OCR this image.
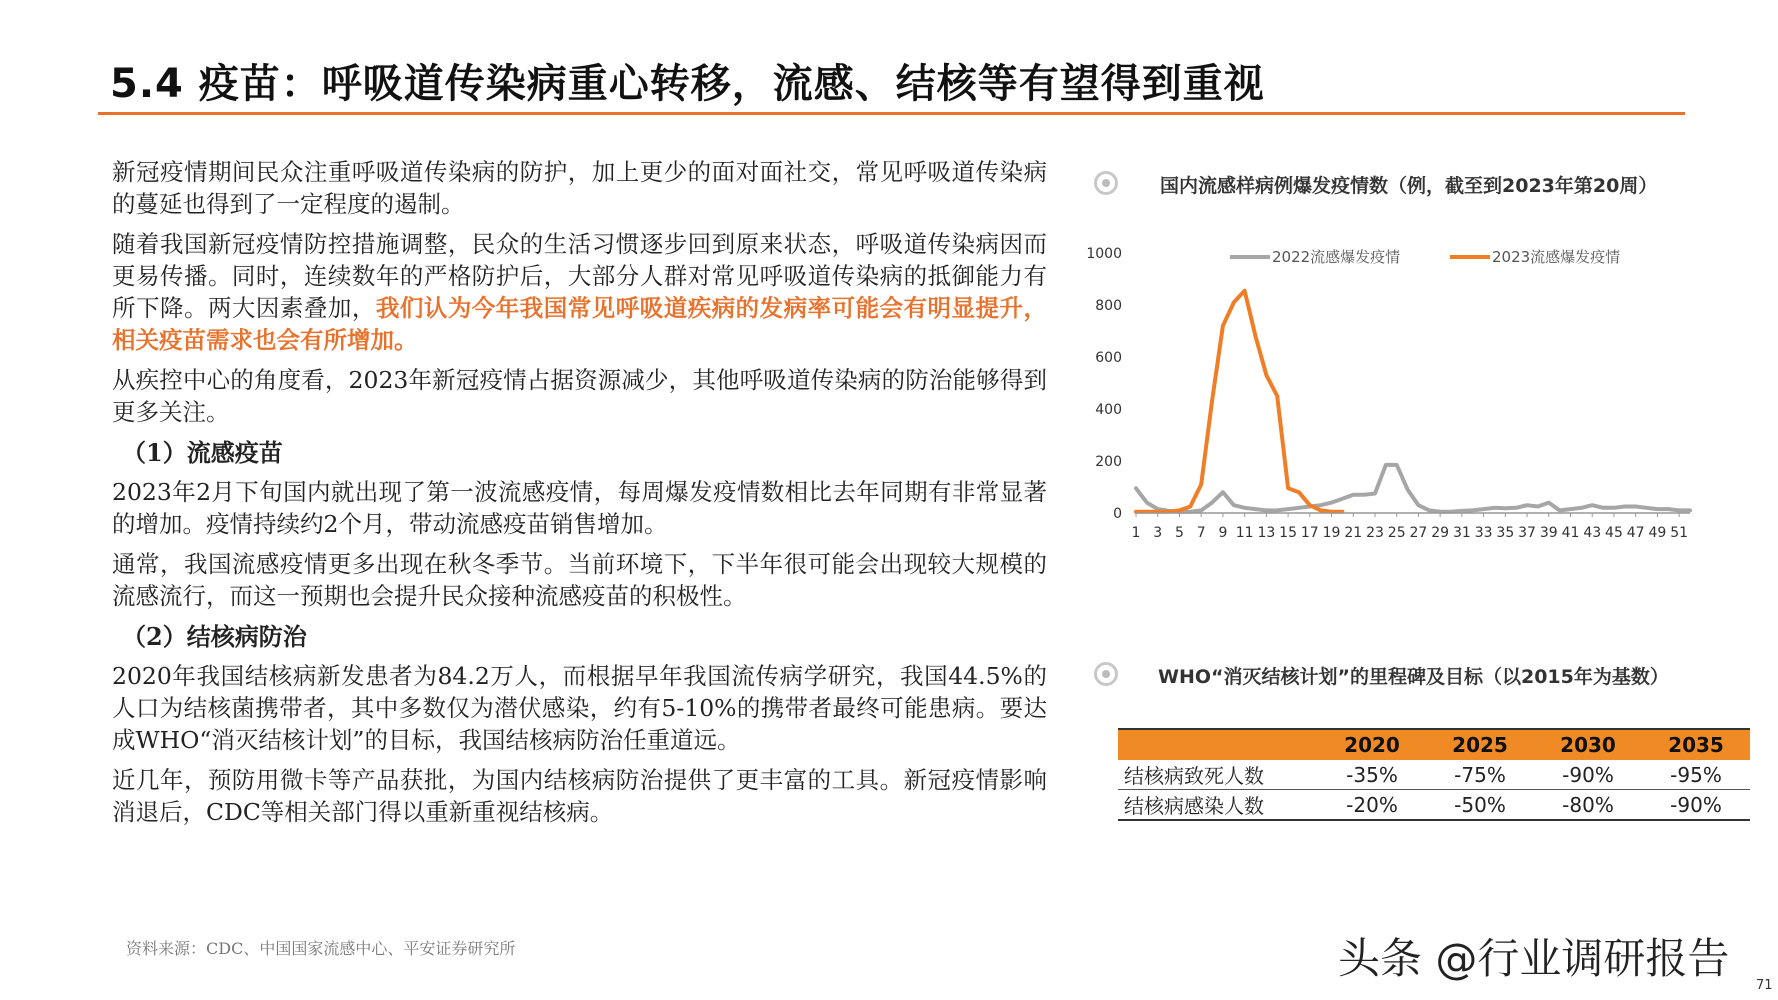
5.4 疫苗：呼吸道传染病重心转移，流感、结核等有望得到重视

新冠疫情期间民众注重呼吸道传染病的防护，加上更少的面对面社交，常见呼吸道传染病的蔓延也得到了一定程度的遏制。

随着我国新冠疫情防控措施调整，民众的生活习惯逐步回到原来状态，呼吸道传染病因而更易传播。同时，连续数年的严格防护后，大部分人群对常见呼吸道传染病的抵御能力有所下降。两大因素叠加，我们认为今年我国常见呼吸道疾病的发病率可能会有明显提升，相关疫苗需求也会有所增加。

从疾控中心的角度看，2023年新冠疫情占据资源减少，其他呼吸道传染病的防治能够得到更多关注。

（1）流感疫苗

2023年2月下旬国内就出现了第一波流感疫情，每周爆发疫情数相比去年同期有非常显著的增加。疫情持续约2个月，带动流感疫苗销售增加。

通常，我国流感疫情更多出现在秋冬季节。当前环境下，下半年很可能会出现较大规模的流感流行，而这一预期也会提升民众接种流感疫苗的积极性。

（2）结核病防治

2020年我国结核病新发患者为84.2万人，而根据早年我国流传病学研究，我国44.5%的人口为结核菌携带者，其中多数仅为潜伏感染，约有5-10%的携带者最终可能患病。要达成WHO“消灭结核计划”的目标，我国结核病防治任重道远。

近几年，预防用微卡等产品获批，为国内结核病防治提供了更丰富的工具。新冠疫情影响消退后，CDC等相关部门得以重新重视结核病。

资料来源：CDC、中国国家流感中心、平安证券研究所
国内流感样病例爆发疫情数（例，截至到2023年第20周）
0
200
400
600
800
1000
1 3 5 7 9 11 13 15 17 19 21 23 25 27 29 31 33 35 37 39 41 43 45 47 49 51
2022流感爆发疫情	2023流感爆发疫情
WHO“消灭结核计划”的里程碑及目标（以2015年为基数）
	2020	2025	2030	2035
结核病致死人数	-35%	-75%	-90%	-95%
结核病感染人数	-20%	-50%	-80%	-90%
头条 @行业调研报告
71
